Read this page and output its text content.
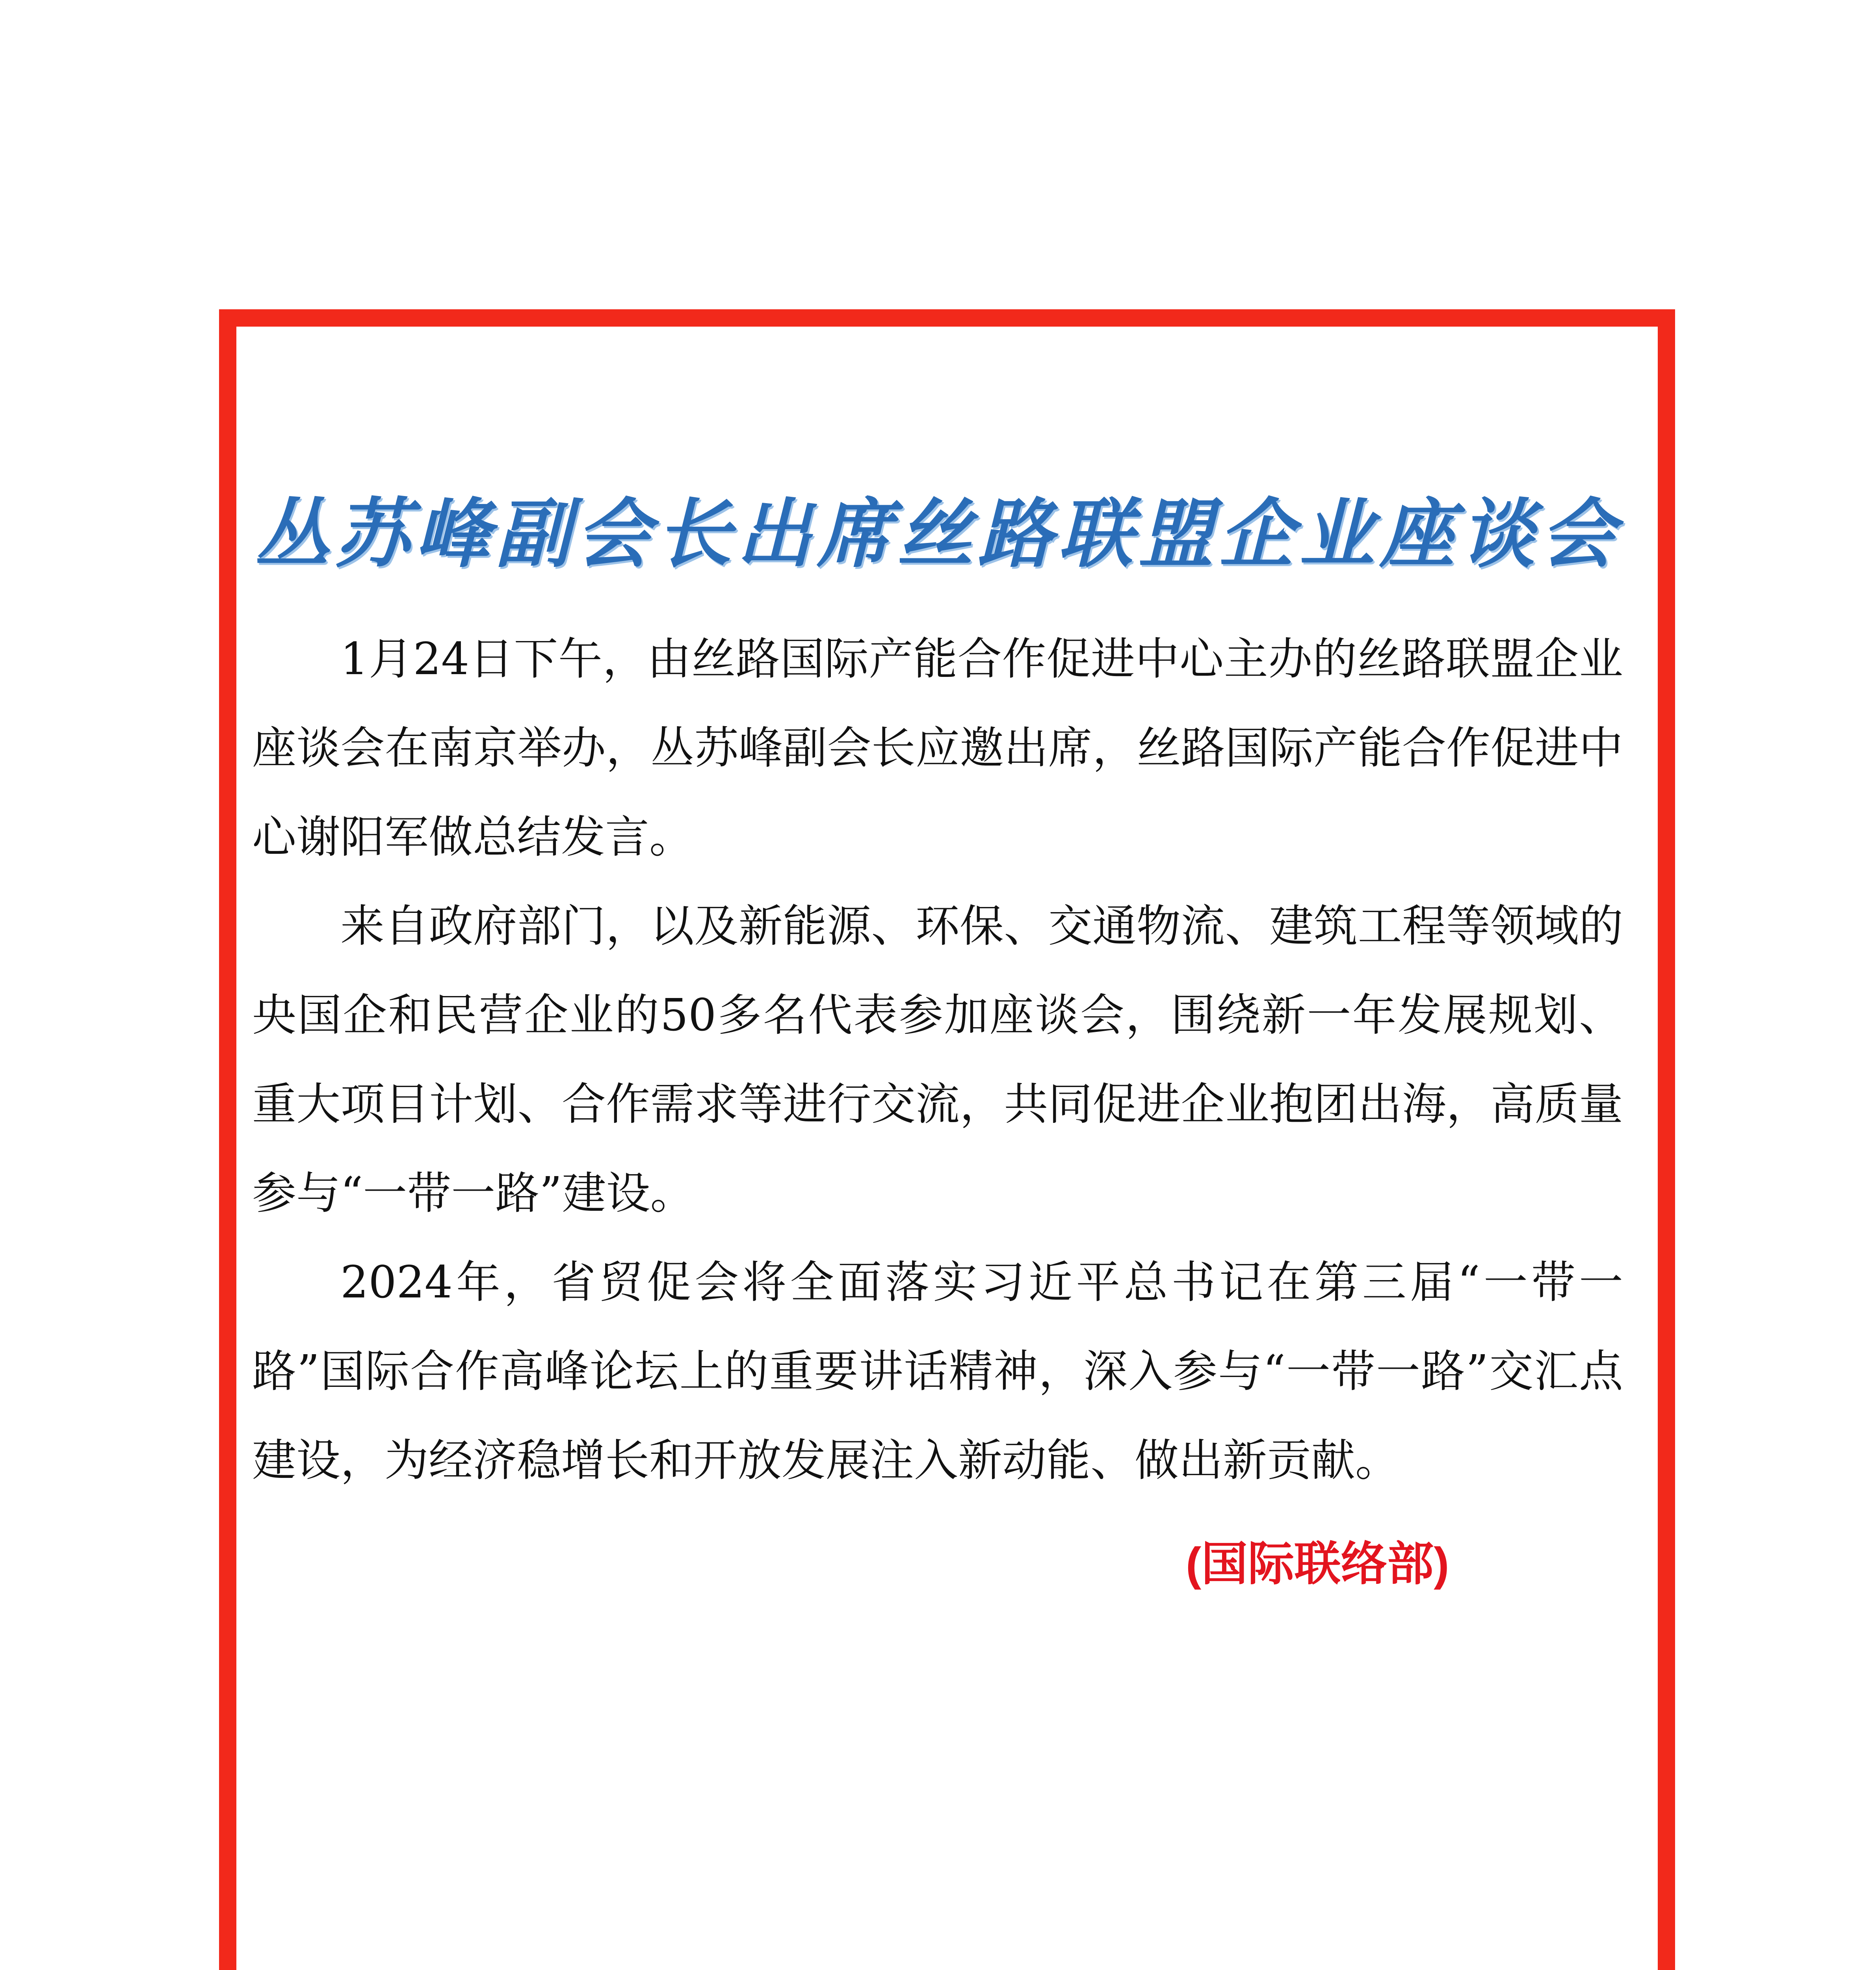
丛苏峰副会长出席丝路联盟企业座谈会

1月24日下午，由丝路国际产能合作促进中心主办的丝路联盟企业座谈会在南京举办，丛苏峰副会长应邀出席，丝路国际产能合作促进中心谢阳军做总结发言。

来自政府部门，以及新能源、环保、交通物流、建筑工程等领域的央国企和民营企业的50多名代表参加座谈会，围绕新一年发展规划、重大项目计划、合作需求等进行交流，共同促进企业抱团出海，高质量参与“一带一路”建设。

2024年，省贸促会将全面落实习近平总书记在第三届“一带一路”国际合作高峰论坛上的重要讲话精神，深入参与“一带一路”交汇点建设，为经济稳增长和开放发展注入新动能、做出新贡献。

(国际联络部)
